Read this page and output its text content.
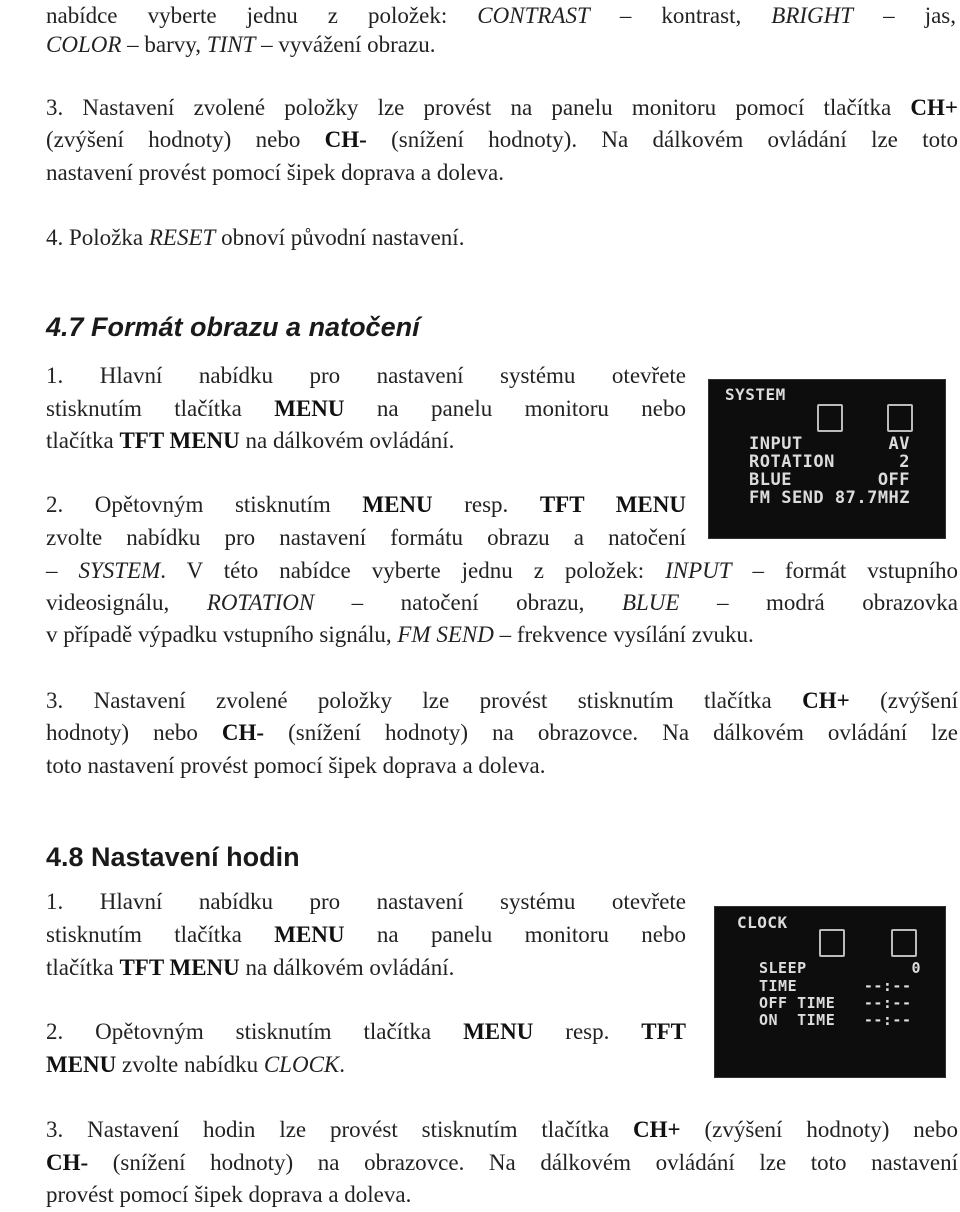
nabídce vyberte jednu z položek: CONTRAST – kontrast, BRIGHT – jas,

COLOR – barvy, TINT – vyvážení obrazu.

3. Nastavení zvolené položky lze provést na panelu monitoru pomocí tlačítka CH+

(zvýšení hodnoty) nebo CH- (snížení hodnoty). Na dálkovém ovládání lze toto

nastavení provést pomocí šipek doprava a doleva.

4. Položka RESET obnoví původní nastavení.

4.7 Formát obrazu a natočení

1. Hlavní nabídku pro nastavení systému otevřete

stisknutím tlačítka MENU na panelu monitoru nebo

tlačítka TFT MENU na dálkovém ovládání.

2. Opětovným stisknutím MENU resp. TFT MENU

zvolte nabídku pro nastavení formátu obrazu a natočení

– SYSTEM. V této nabídce vyberte jednu z položek: INPUT – formát vstupního

videosignálu, ROTATION – natočení obrazu, BLUE – modrá obrazovka

v případě výpadku vstupního signálu, FM SEND – frekvence vysílání zvuku.

3. Nastavení zvolené položky lze provést stisknutím tlačítka CH+ (zvýšení

hodnoty) nebo CH- (snížení hodnoty) na obrazovce. Na dálkovém ovládání lze

toto nastavení provést pomocí šipek doprava a doleva.

SYSTEM
INPUT        AV
ROTATION      2
BLUE        OFF
FM SEND 87.7MHZ
4.8 Nastavení hodin

1. Hlavní nabídku pro nastavení systému otevřete

stisknutím tlačítka MENU na panelu monitoru nebo

tlačítka TFT MENU na dálkovém ovládání.

2. Opětovným stisknutím tlačítka MENU resp. TFT

MENU zvolte nabídku CLOCK.

3. Nastavení hodin lze provést stisknutím tlačítka CH+ (zvýšení hodnoty) nebo

CH- (snížení hodnoty) na obrazovce. Na dálkovém ovládání lze toto nastavení

provést pomocí šipek doprava a doleva.

CLOCK
SLEEP           0
TIME       --:--
OFF TIME   --:--
ON  TIME   --:--
